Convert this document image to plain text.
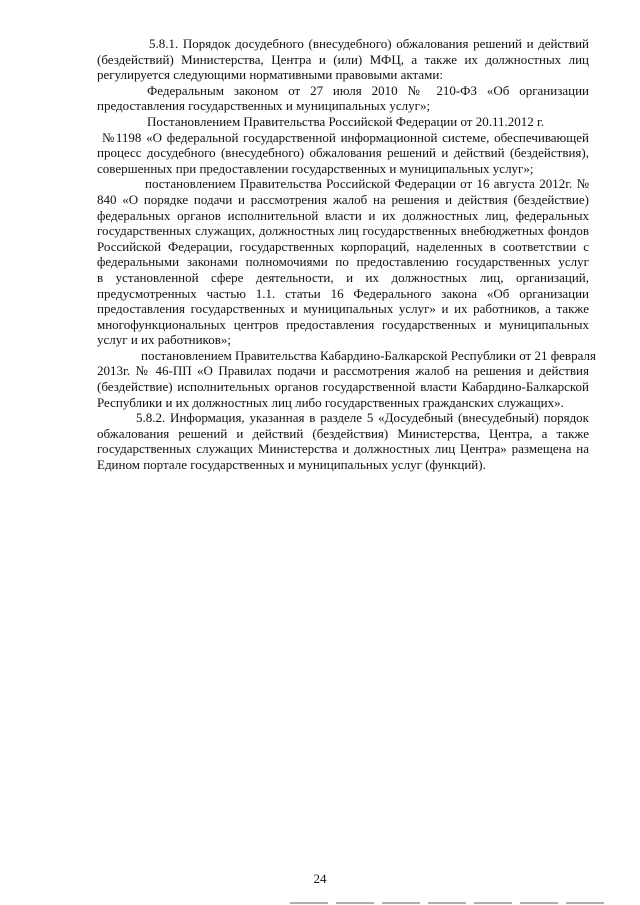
5.8.1. Порядок досудебного (внесудебного) обжалования решений и действий
(бездействий) Министерства, Центра и (или) МФЦ, а также их должностных лиц
регулируется следующими нормативными правовыми актами:
Федеральным законом от 27 июля 2010 № 210-ФЗ «Об организации
предоставления государственных и муниципальных услуг»;
Постановлением Правительства Российской Федерации от 20.11.2012 г.
№1198 «О федеральной государственной информационной системе, обеспечивающей
процесс досудебного (внесудебного) обжалования решений и действий (бездействия),
совершенных при предоставлении государственных и муниципальных услуг»;
постановлением Правительства Российской Федерации от 16 августа 2012г. №
840 «О порядке подачи и рассмотрения жалоб на решения и действия (бездействие)
федеральных органов исполнительной власти и их должностных лиц, федеральных
государственных служащих, должностных лиц государственных внебюджетных фондов
Российской Федерации, государственных корпораций, наделенных в соответствии с
федеральными законами полномочиями по предоставлению государственных услуг
в установленной сфере деятельности, и их должностных лиц, организаций,
предусмотренных частью 1.1. статьи 16 Федерального закона «Об организации
предоставления государственных и муниципальных услуг» и их работников, а также
многофункциональных центров предоставления государственных и муниципальных
услуг и их работников»;
постановлением Правительства Кабардино-Балкарской Республики от 21 февраля
2013г. № 46-ПП «О Правилах подачи и рассмотрения жалоб на решения и действия
(бездействие) исполнительных органов государственной власти Кабардино-Балкарской
Республики и их должностных лиц либо государственных гражданских служащих».
5.8.2. Информация, указанная в разделе 5 «Досудебный (внесудебный) порядок
обжалования решений и действий (бездействия) Министерства, Центра, а также
государственных служащих Министерства и должностных лиц Центра» размещена на
Едином портале государственных и муниципальных услуг (функций).
24
